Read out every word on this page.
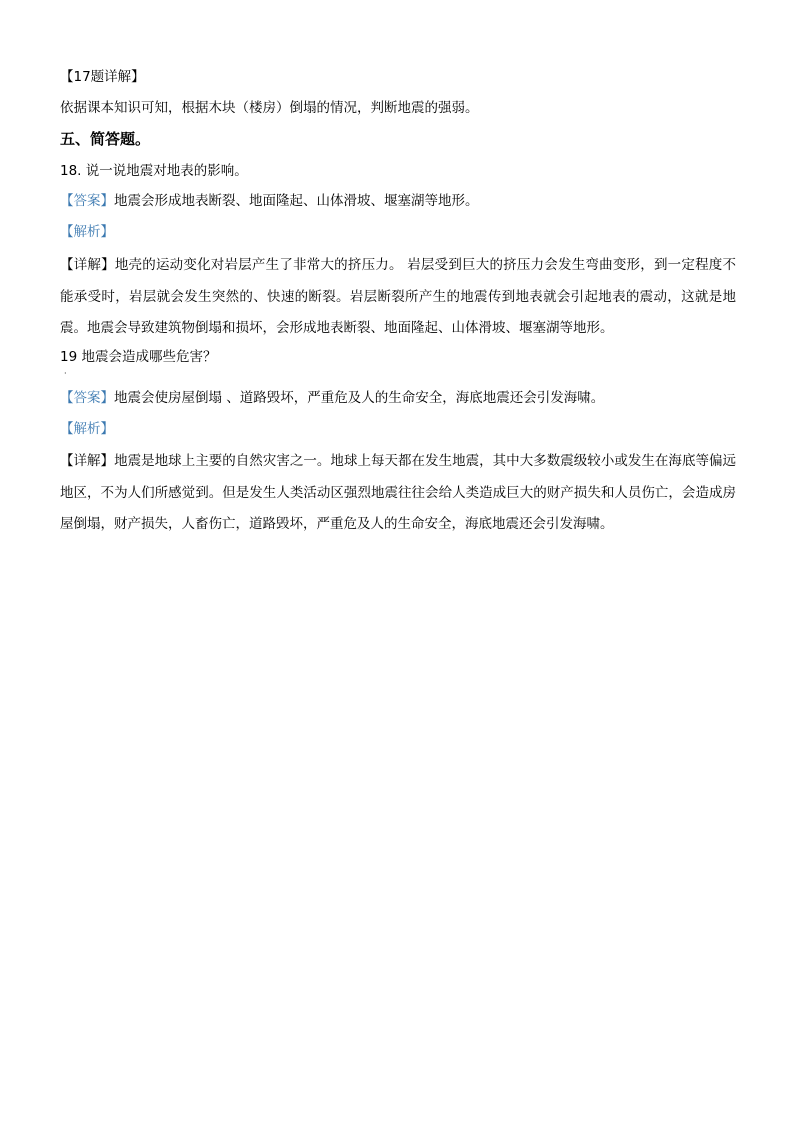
【17题详解】
依据课本知识可知，根据木块（楼房）倒塌的情况，判断地震的强弱。
五、简答题。
18. 说一说地震对地表的影响。
【答案】地震会形成地表断裂、地面隆起、山体滑坡、堰塞湖等地形。
【解析】
【详解】地壳的运动变化对岩层产生了非常大的挤压力。 岩层受到巨大的挤压力会发生弯曲变形，到一定程度不能承受时，岩层就会发生突然的、快速的断裂。岩层断裂所产生的地震传到地表就会引起地表的震动，这就是地震。地震会导致建筑物倒塌和损坏，会形成地表断裂、地面隆起、山体滑坡、堰塞湖等地形。
19 地震会造成哪些危害？
·
【答案】地震会使房屋倒塌 、道路毁坏，严重危及人的生命安全，海底地震还会引发海啸。
【解析】
【详解】地震是地球上主要的自然灾害之一。地球上每天都在发生地震，其中大多数震级较小或发生在海底等偏远地区，不为人们所感觉到。但是发生人类活动区强烈地震往往会给人类造成巨大的财产损失和人员伤亡，会造成房屋倒塌，财产损失，人畜伤亡，道路毁坏，严重危及人的生命安全，海底地震还会引发海啸。
